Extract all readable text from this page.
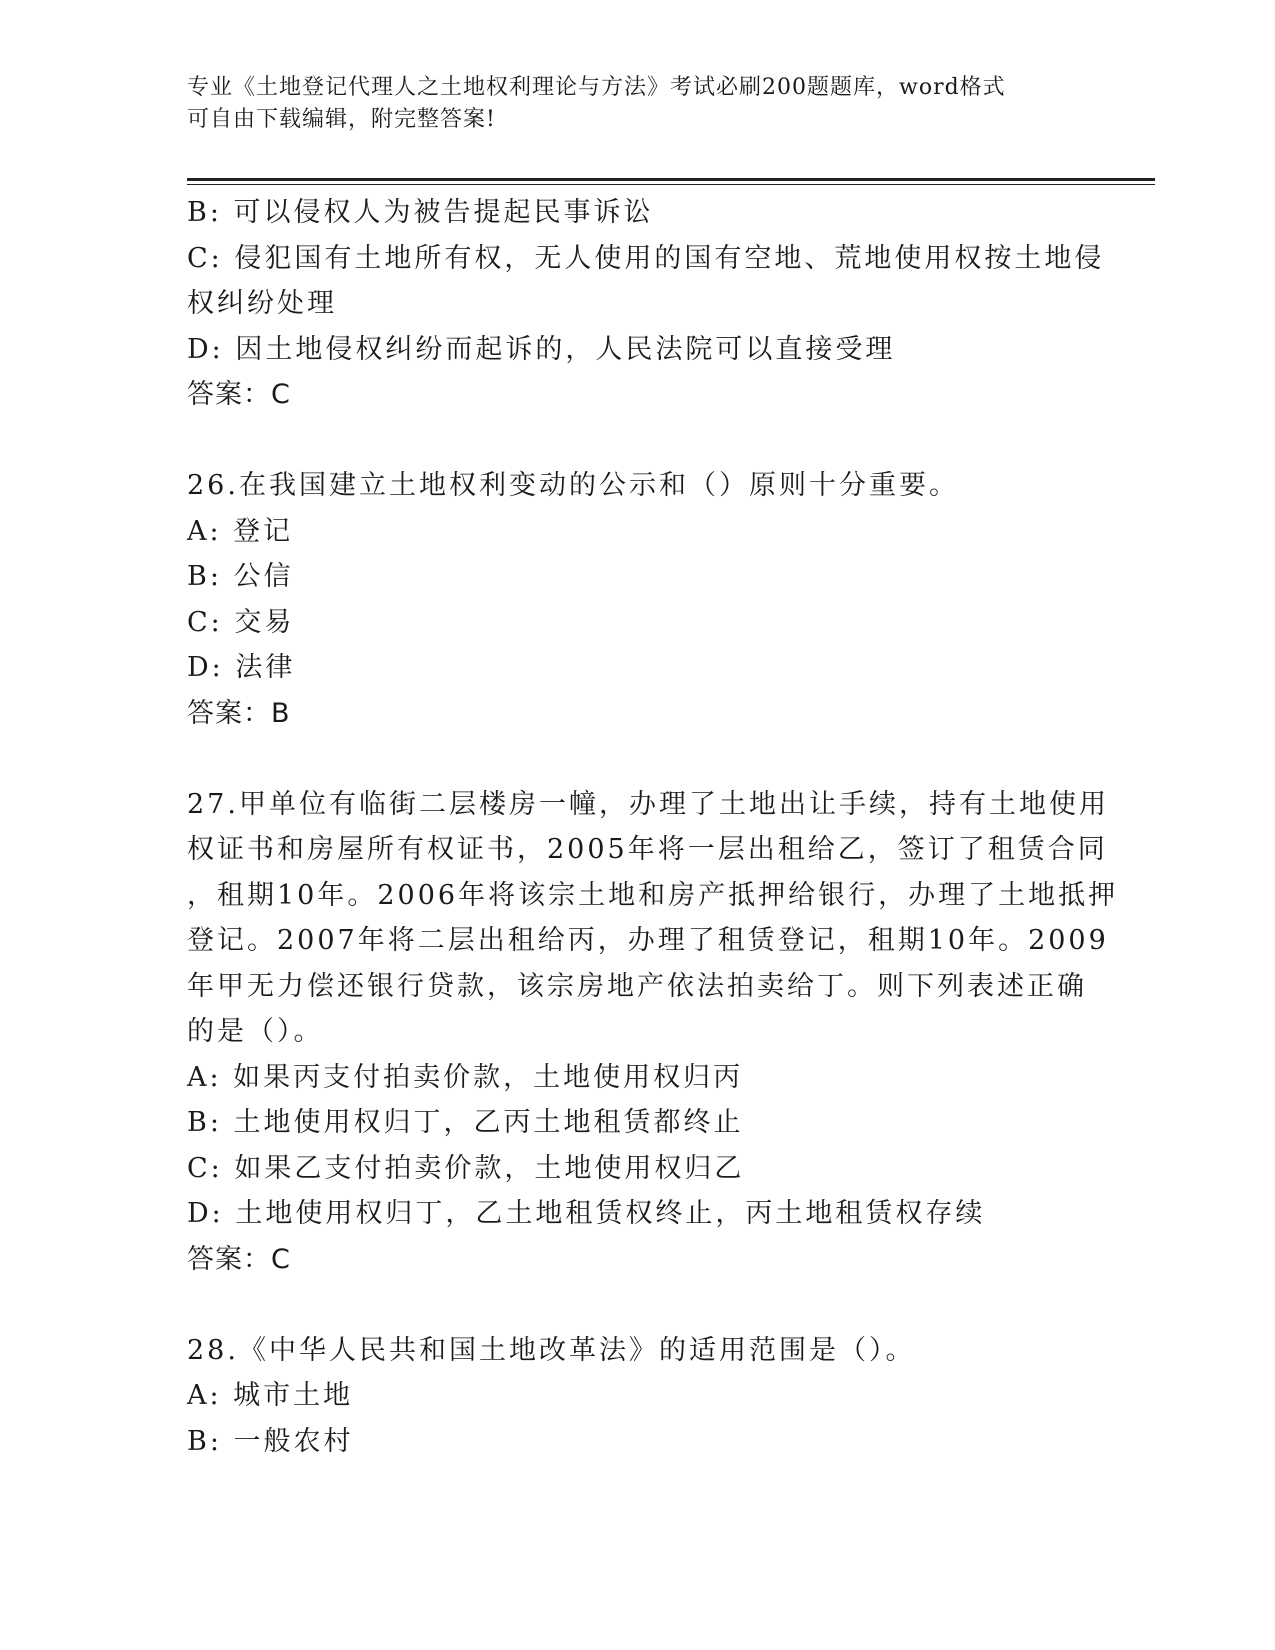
专业《土地登记代理人之土地权利理论与方法》考试必刷200题题库，word格式
可自由下载编辑，附完整答案!
B: 可以侵权人为被告提起民事诉讼
C: 侵犯国有土地所有权，无人使用的国有空地、荒地使用权按土地侵
权纠纷处理
D: 因土地侵权纠纷而起诉的，人民法院可以直接受理
答案：C
26.在我国建立土地权利变动的公示和（）原则十分重要。
A: 登记
B: 公信
C: 交易
D: 法律
答案：B
27.甲单位有临街二层楼房一幢，办理了土地出让手续，持有土地使用
权证书和房屋所有权证书，2005年将一层出租给乙，签订了租赁合同
，租期10年。2006年将该宗土地和房产抵押给银行，办理了土地抵押
登记。2007年将二层出租给丙，办理了租赁登记，租期10年。2009
年甲无力偿还银行贷款，该宗房地产依法拍卖给丁。则下列表述正确
的是（）。
A: 如果丙支付拍卖价款，土地使用权归丙
B: 土地使用权归丁，乙丙土地租赁都终止
C: 如果乙支付拍卖价款，土地使用权归乙
D: 土地使用权归丁，乙土地租赁权终止，丙土地租赁权存续
答案：C
28.《中华人民共和国土地改革法》的适用范围是（）。
A: 城市土地
B: 一般农村
